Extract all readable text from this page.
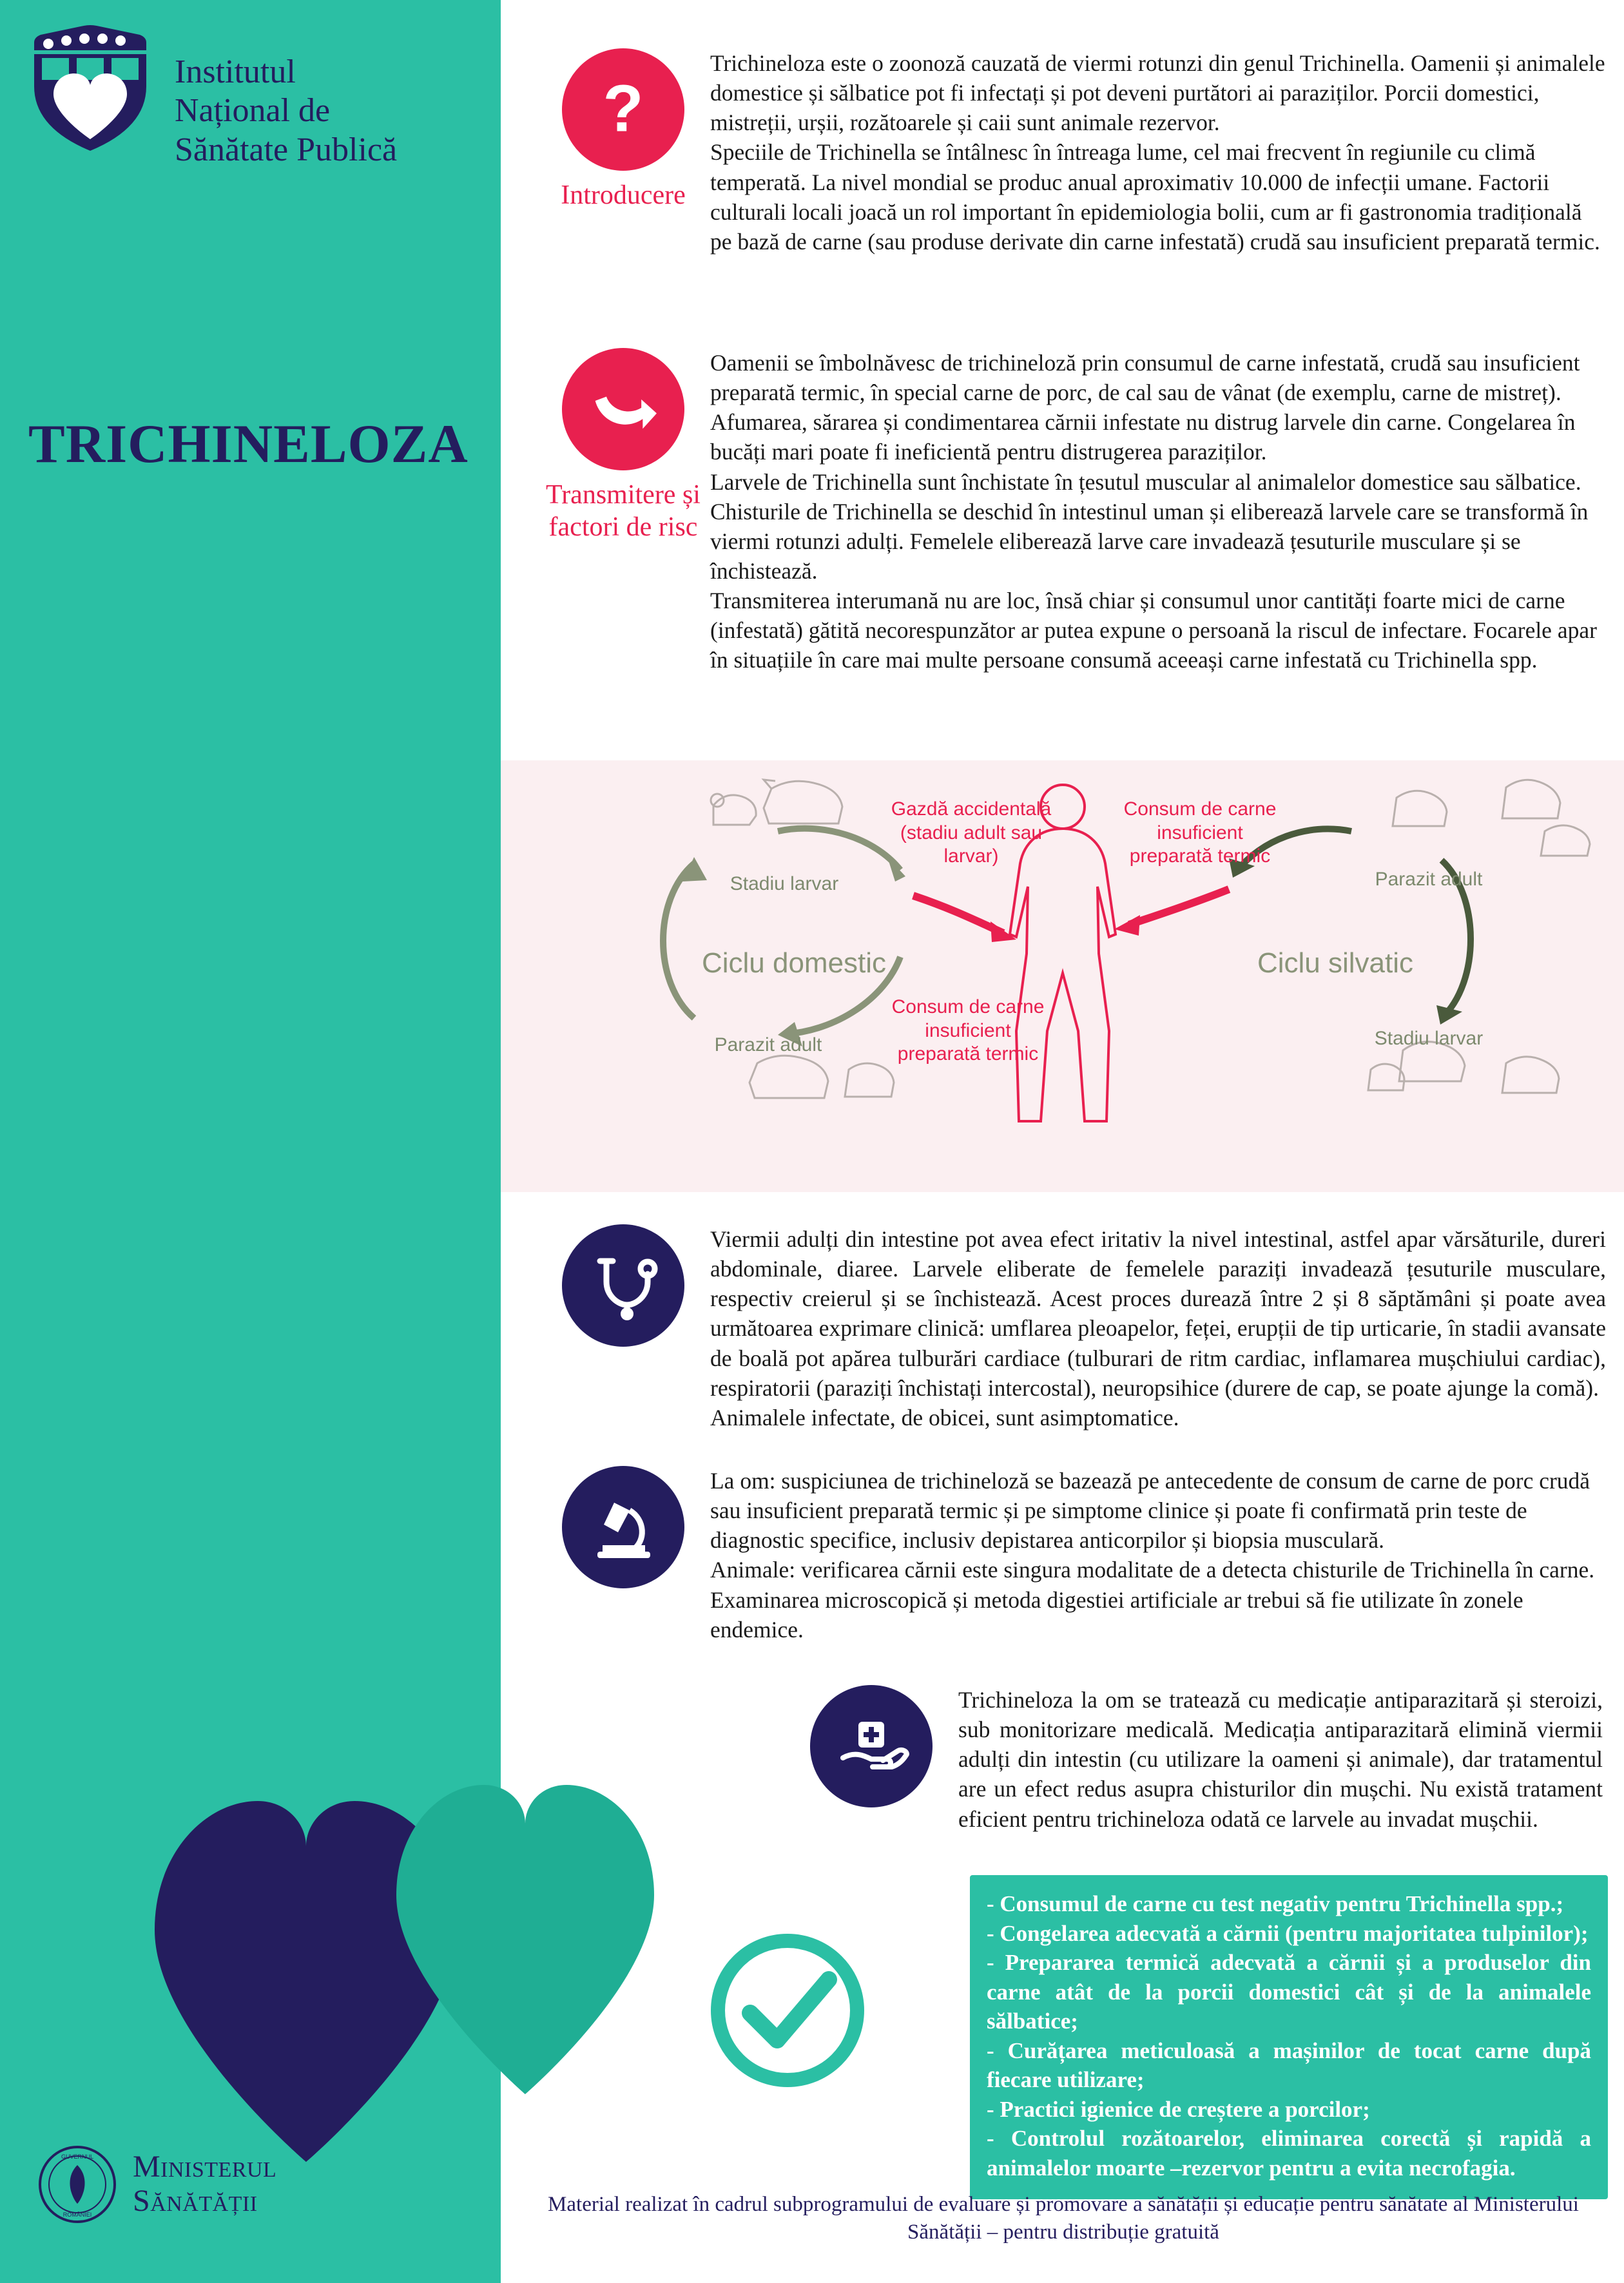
Institutul
Național de
Sănătate Publică
TRICHINELOZA
GUVERNUL
ROMÂNIEI
Ministerul
Sănătății
?
Introducere

Trichineloza este o zoonoză cauzată de viermi rotunzi din genul Trichinella. Oamenii și animalele domestice și sălbatice pot fi infectați și pot deveni purtători ai paraziților. Porcii domestici, mistreții, urșii, rozătoarele și caii sunt animale rezervor.

Speciile de Trichinella se întâlnesc în întreaga lume, cel mai frecvent în regiunile cu climă temperată. La nivel mondial se produc anual aproximativ 10.000 de infecții umane. Factorii culturali locali joacă un rol important în epidemiologia bolii, cum ar fi gastronomia tradițională pe bază de carne (sau produse derivate din carne infestată) crudă sau insuficient preparată termic.

Transmitere și factori de risc

Oamenii se îmbolnăvesc de trichineloză prin consumul de carne infestată, crudă sau insuficient preparată termic, în special carne de porc, de cal sau de vânat (de exemplu, carne de mistreț). Afumarea, sărarea și condimentarea cărnii infestate nu distrug larvele din carne. Congelarea în bucăți mari poate fi ineficientă pentru distrugerea paraziților.

Larvele de Trichinella sunt închistate în țesutul muscular al animalelor domestice sau sălbatice. Chisturile de Trichinella se deschid în intestinul uman și eliberează larvele care se transformă în viermi rotunzi adulți. Femelele eliberează larve care invadează țesuturile musculare și se închistează.

Transmiterea interumană nu are loc, însă chiar și consumul unor cantități foarte mici de carne (infestată) gătită necorespunzător ar putea expune o persoană la riscul de infectare. Focarele apar în situațiile în care mai multe persoane consumă aceeași carne infestată cu Trichinella spp.

Ciclu domestic	Ciclu silvatic
Stadiu larvar
Parazit adult
Parazit adult
Stadiu larvar
Gazdă accidentală (stadiu adult sau larvar)
Consum de carne insuficient preparată termic
Consum de carne insuficient preparată termic

Viermii adulți din intestine pot avea efect iritativ la nivel intestinal, astfel apar vărsăturile, dureri abdominale, diaree. Larvele eliberate de femelele paraziți invadează țesuturile musculare, respectiv creierul și se închistează. Acest proces durează între 2 și 8 săptămâni și poate avea următoarea exprimare clinică: umflarea pleoapelor, feței, erupții de tip urticarie, în stadii avansate de boală pot apărea tulburări cardiace (tulburari de ritm cardiac, inflamarea mușchiului cardiac), respiratorii (paraziți închistați intercostal), neuropsihice (durere de cap, se poate ajunge la comă).

Animalele infectate, de obicei, sunt asimptomatice.

La om: suspiciunea de trichineloză se bazează pe antecedente de consum de carne de porc crudă sau insuficient preparată termic și pe simptome clinice și poate fi confirmată prin teste de diagnostic specifice, inclusiv depistarea anticorpilor și biopsia musculară.

Animale: verificarea cărnii este singura modalitate de a detecta chisturile de Trichinella în carne. Examinarea microscopică și metoda digestiei artificiale ar trebui să fie utilizate în zonele endemice.

Trichineloza la om se tratează cu medicație antiparazitară și steroizi, sub monitorizare medicală. Medicația antiparazitară elimină viermii adulți din intestin (cu utilizare la oameni și animale), dar tratamentul are un efect redus asupra chisturilor din mușchi. Nu există tratament eficient pentru trichineloza odată ce larvele au invadat mușchii.

- Consumul de carne cu test negativ pentru Trichinella spp.;

- Congelarea adecvată a cărnii (pentru majoritatea tulpinilor);

- Prepararea termică adecvată a cărnii și a produselor din carne atât de la porcii domestici cât și de la animalele sălbatice;

- Curățarea meticuloasă a mașinilor de tocat carne după fiecare utilizare;

- Practici igienice de creștere a porcilor;

- Controlul rozătoarelor, eliminarea corectă și rapidă a animalelor moarte –rezervor pentru a evita necrofagia.

Material realizat în cadrul subprogramului de evaluare și promovare a sănătății și educație pentru sănătate al Ministerului Sănătății – pentru distribuție gratuită
